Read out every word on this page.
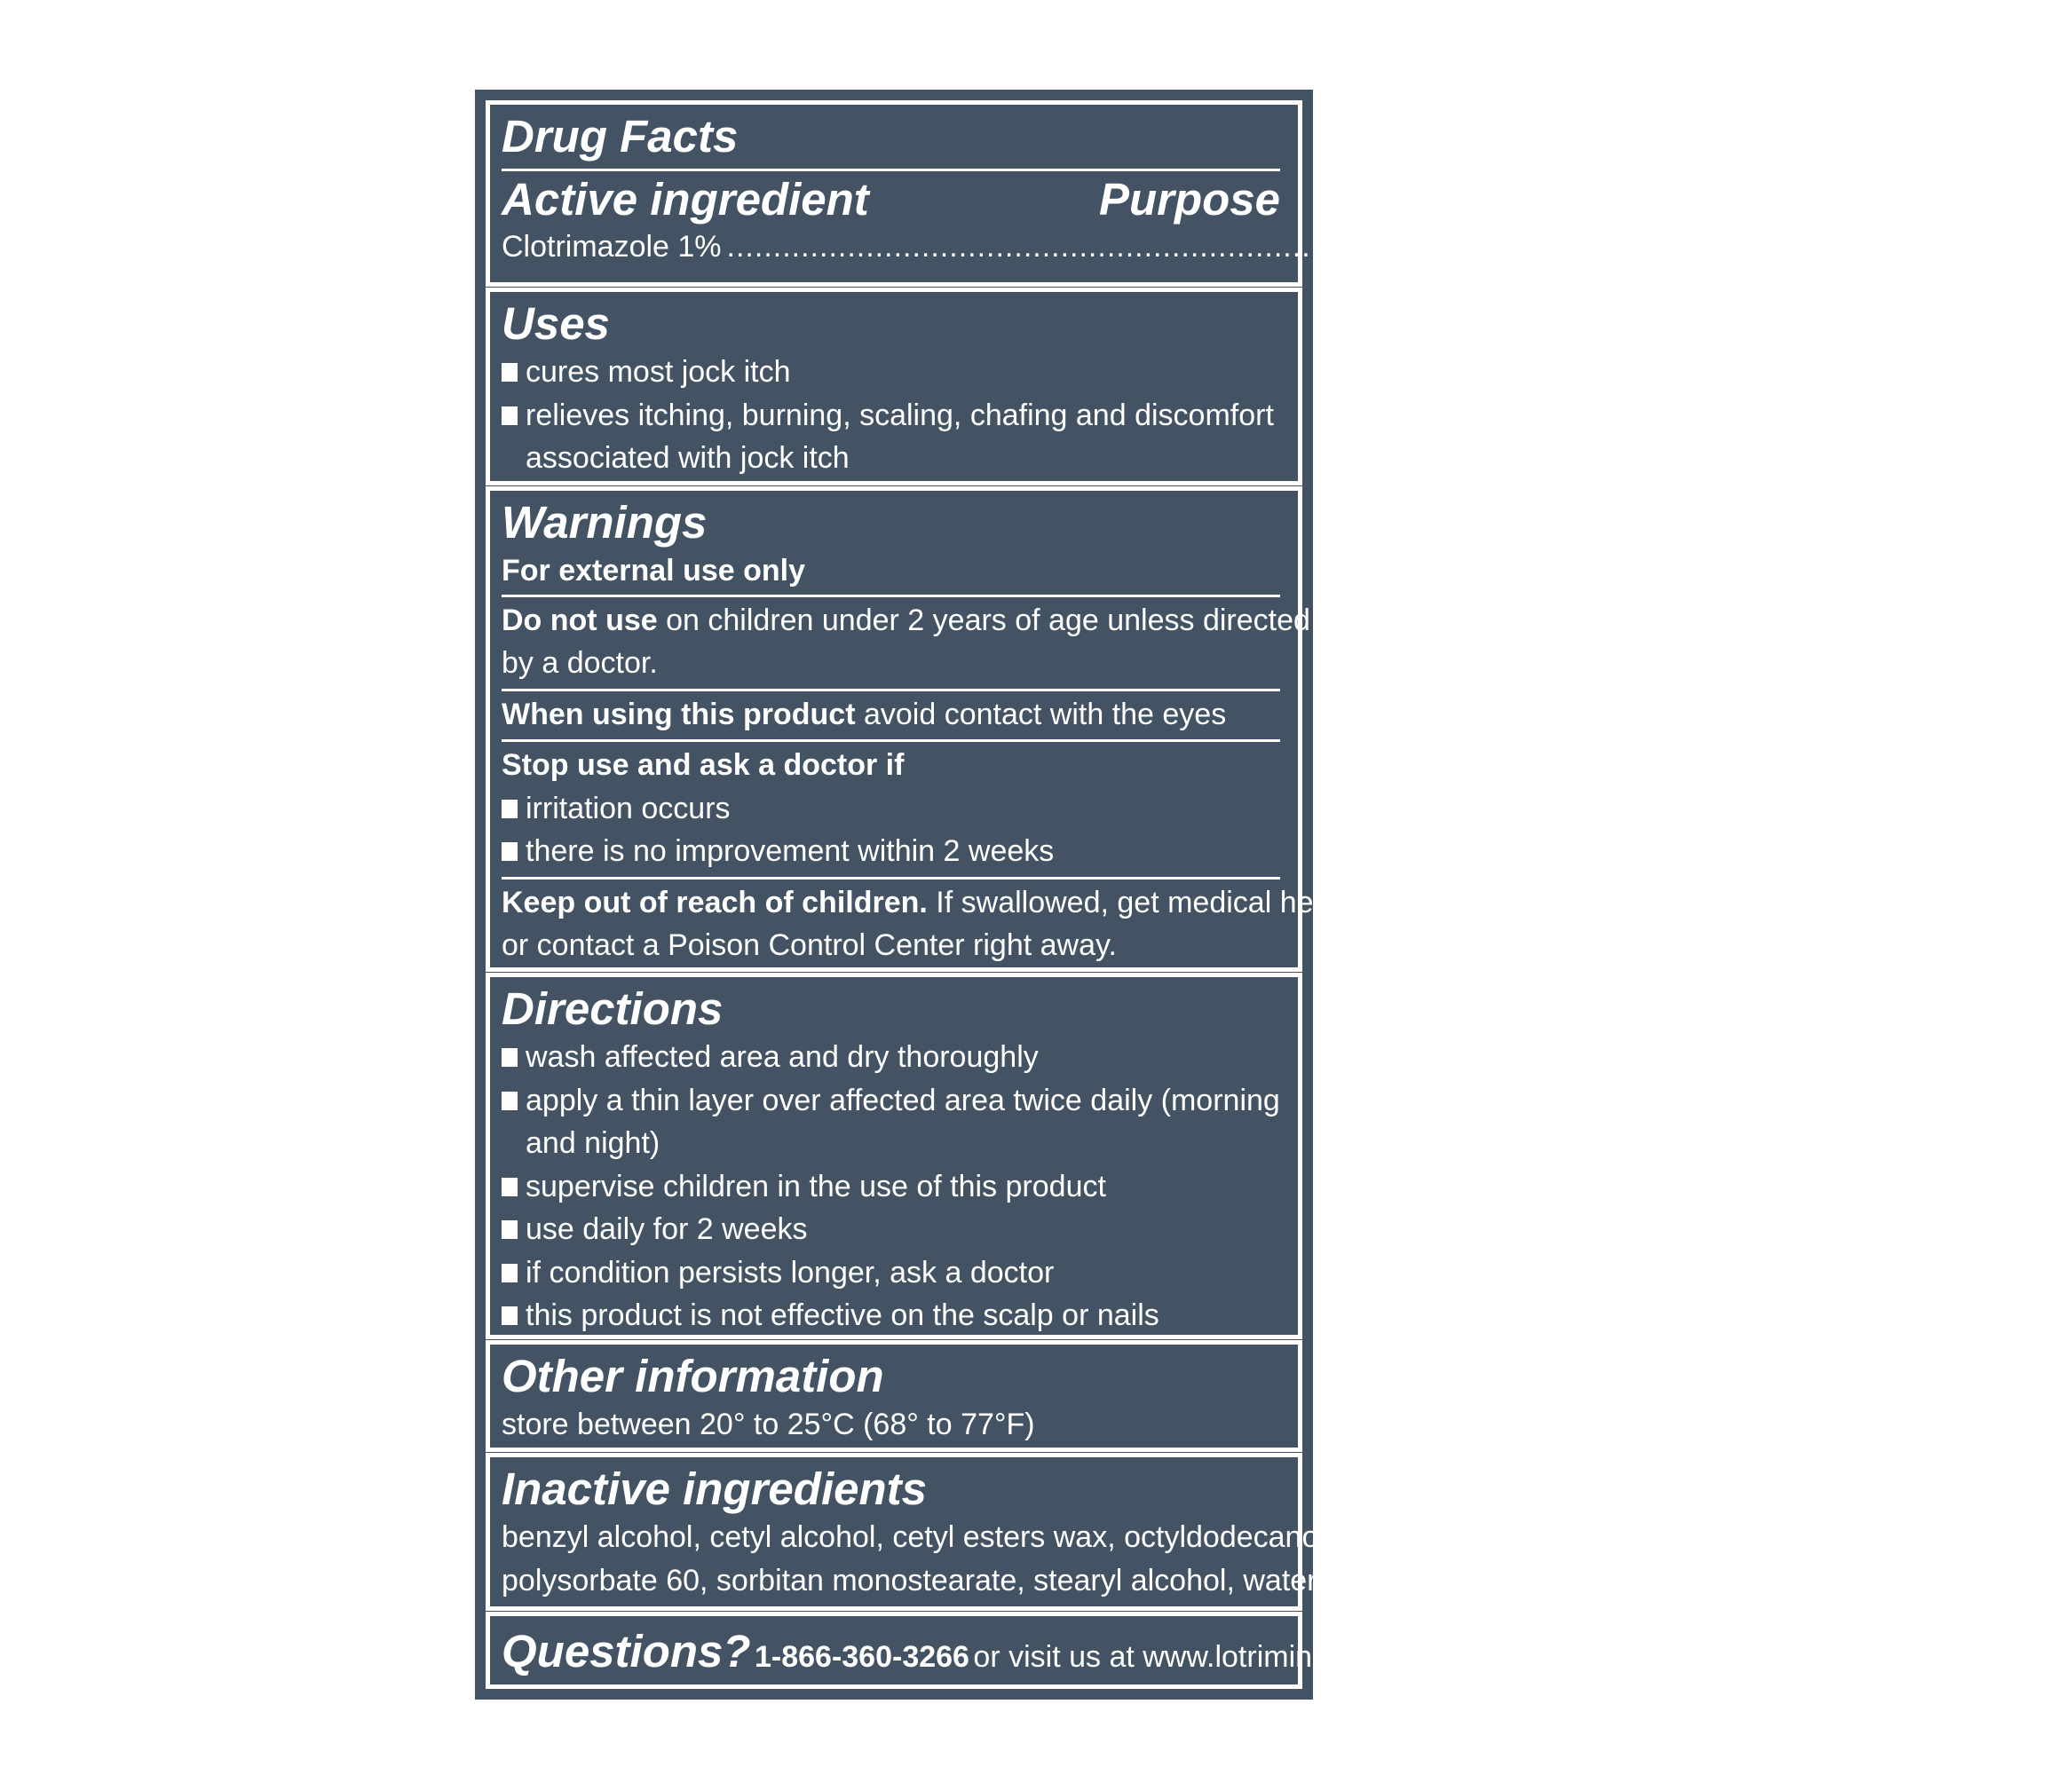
Drug Facts
Active ingredient	Purpose
Clotrimazole 1% .................................................................................................................................. Antifungal
Uses
cures most jock itch
relieves itching, burning, scaling, chafing and discomfort
associated with jock itch
Warnings
For external use only
Do not use on children under 2 years of age unless directed
by a doctor.
When using this product avoid contact with the eyes
Stop use and ask a doctor if
irritation occurs
there is no improvement within 2 weeks
Keep out of reach of children. If swallowed, get medical help
or contact a Poison Control Center right away.
Directions
wash affected area and dry thoroughly
apply a thin layer over affected area twice daily (morning
and night)
supervise children in the use of this product
use daily for 2 weeks
if condition persists longer, ask a doctor
this product is not effective on the scalp or nails
Other information
store between 20° to 25°C (68° to 77°F)
Inactive ingredients
benzyl alcohol, cetyl alcohol, cetyl esters wax, octyldodecanol,
polysorbate 60, sorbitan monostearate, stearyl alcohol, water
Questions? 1-866-360-3266 or visit us at www.lotrimin.com
